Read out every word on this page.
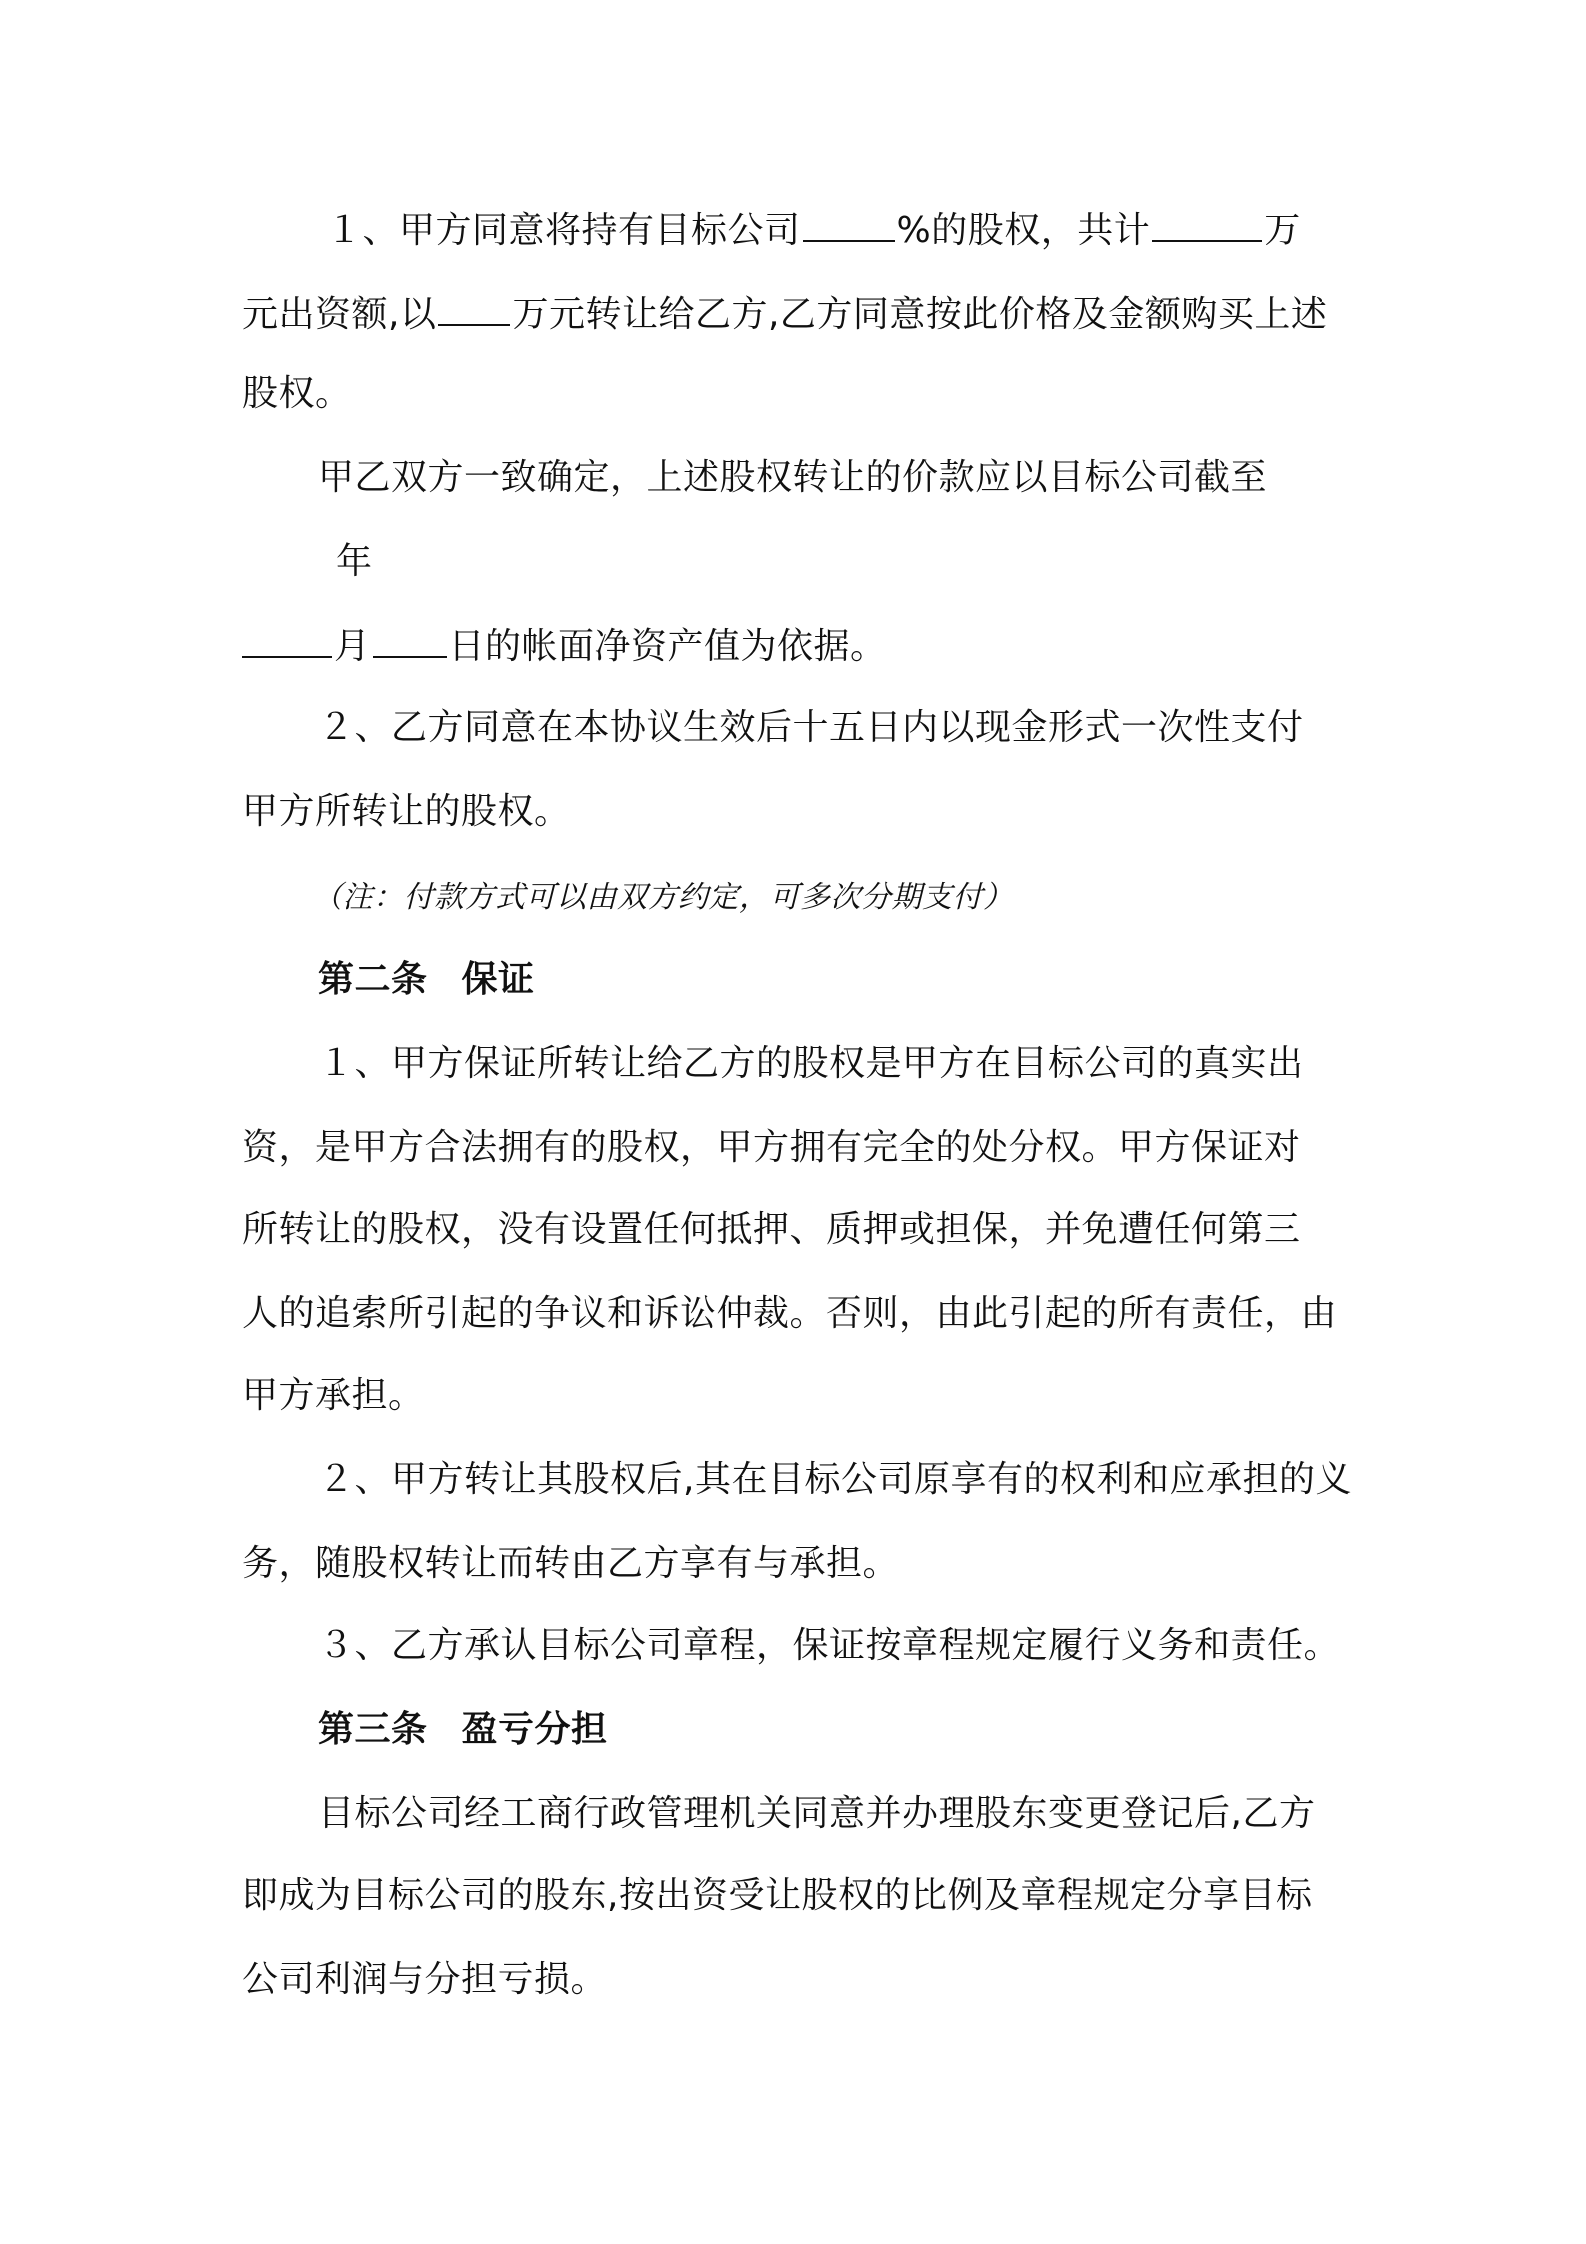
１、甲方同意将持有目标公司	%的股权，共计	万
元出资额,以 万元转让给乙方,乙方同意按此价格及金额购买上述
股权。
甲乙双方一致确定，上述股权转让的价款应以目标公司截至
年
月 日的帐面净资产值为依据。
２、乙方同意在本协议生效后十五日内以现金形式一次性支付
甲方所转让的股权。
（注：付款方式可以由双方约定，可多次分期支付）
第二条 保证
１、甲方保证所转让给乙方的股权是甲方在目标公司的真实出
资，是甲方合法拥有的股权，甲方拥有完全的处分权。甲方保证对
所转让的股权，没有设置任何抵押、质押或担保，并免遭任何第三
人的追索所引起的争议和诉讼仲裁。否则，由此引起的所有责任，由
甲方承担。
２、甲方转让其股权后,其在目标公司原享有的权利和应承担的义
务，随股权转让而转由乙方享有与承担。
３、乙方承认目标公司章程，保证按章程规定履行义务和责任。
第三条 盈亏分担
目标公司经工商行政管理机关同意并办理股东变更登记后,乙方
即成为目标公司的股东,按出资受让股权的比例及章程规定分享目标
公司利润与分担亏损。
